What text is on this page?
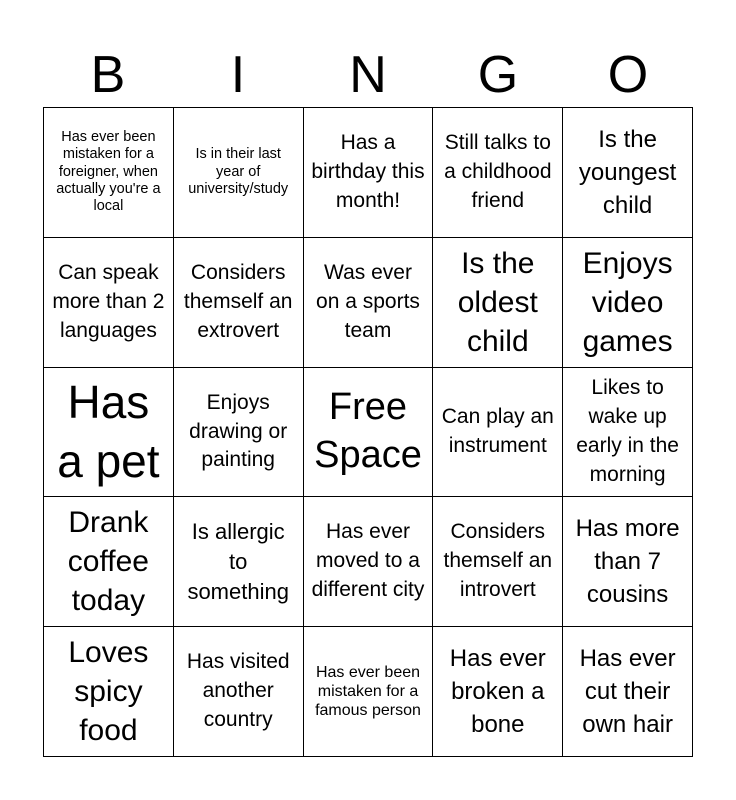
B	I	N	G	O
Has ever been mistaken for a foreigner, when actually you're a local
Is in their last year of university/study
Has a birthday this month!
Still talks to a childhood friend
Is the youngest child
Can speak more than 2 languages
Considers themself an extrovert
Was ever on a sports team
Is the oldest child
Enjoys video games
Has a pet
Enjoys drawing or painting
Free Space
Can play an instrument
Likes to wake up early in the morning
Drank coffee today
Is allergic to something
Has ever moved to a different city
Considers themself an introvert
Has more than 7 cousins
Loves spicy food
Has visited another country
Has ever been mistaken for a famous person
Has ever broken a bone
Has ever cut their own hair
